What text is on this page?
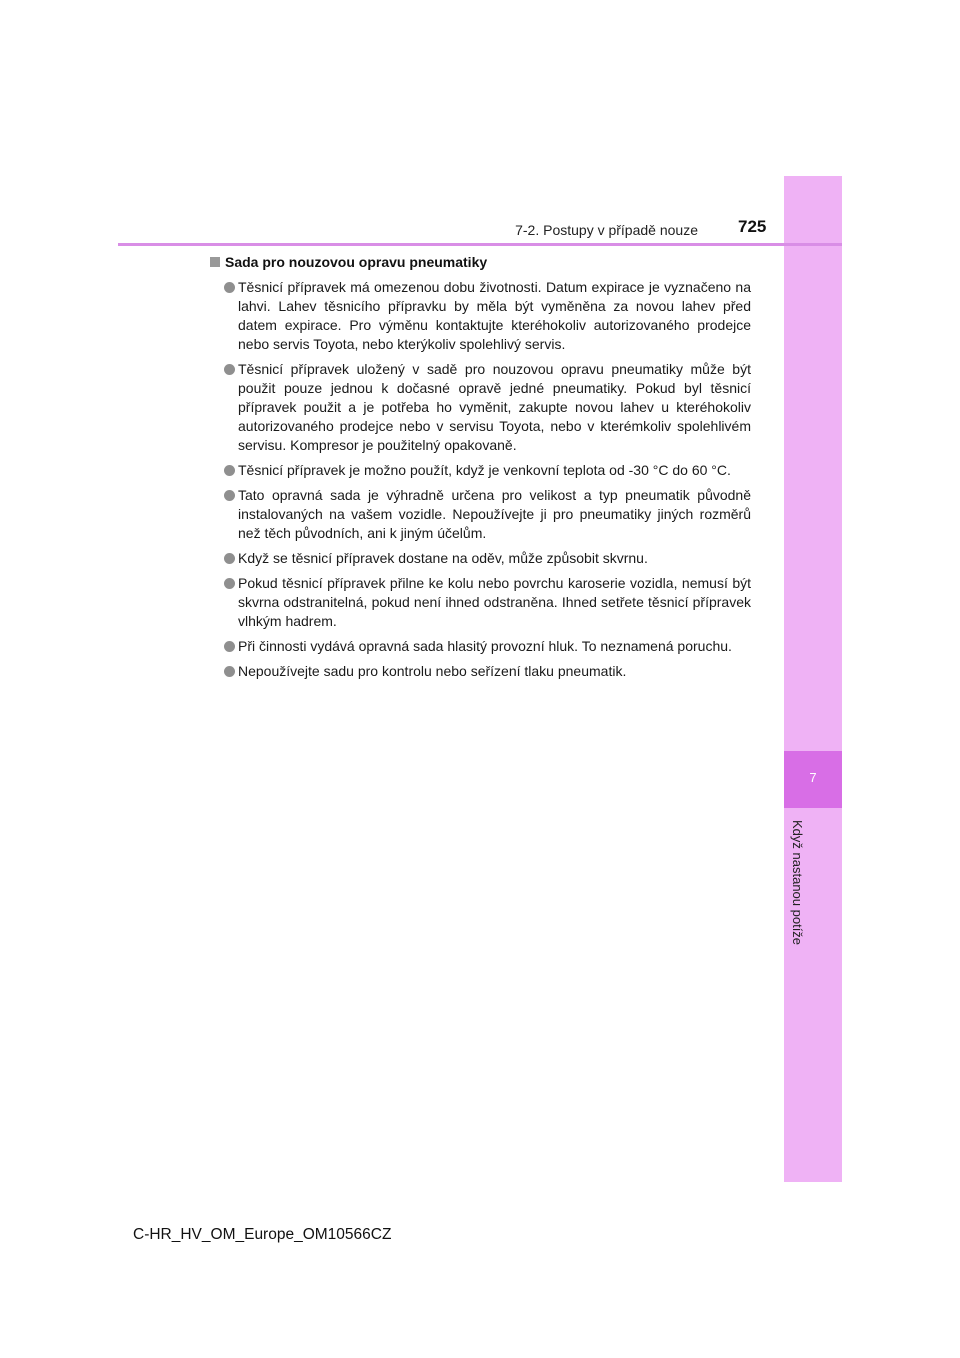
7
Když nastanou potíže
7-2. Postupy v případě nouze 725
Sada pro nouzovou opravu pneumatiky
Těsnicí přípravek má omezenou dobu životnosti. Datum expirace je vyznačeno na lahvi. Lahev těsnicího přípravku by měla být vyměněna za novou lahev před datem expirace. Pro výměnu kontaktujte kteréhokoliv autorizovaného prodejce nebo servis Toyota, nebo kterýkoliv spolehlivý servis.
Těsnicí přípravek uložený v sadě pro nouzovou opravu pneumatiky může být použit pouze jednou k dočasné opravě jedné pneumatiky. Pokud byl těsnicí přípravek použit a je potřeba ho vyměnit, zakupte novou lahev u kteréhokoliv autorizovaného prodejce nebo v servisu Toyota, nebo v kterémkoliv spolehlivém servisu. Kompresor je použitelný opakovaně.
Těsnicí přípravek je možno použít, když je venkovní teplota od -30 °C do 60 °C.
Tato opravná sada je výhradně určena pro velikost a typ pneumatik původně instalovaných na vašem vozidle. Nepoužívejte ji pro pneumatiky jiných rozměrů než těch původních, ani k jiným účelům.
Když se těsnicí přípravek dostane na oděv, může způsobit skvrnu.
Pokud těsnicí přípravek přilne ke kolu nebo povrchu karoserie vozidla, nemusí být skvrna odstranitelná, pokud není ihned odstraněna. Ihned setřete těsnicí přípravek vlhkým hadrem.
Při činnosti vydává opravná sada hlasitý provozní hluk. To neznamená poruchu.
Nepoužívejte sadu pro kontrolu nebo seřízení tlaku pneumatik.
C-HR_HV_OM_Europe_OM10566CZ
